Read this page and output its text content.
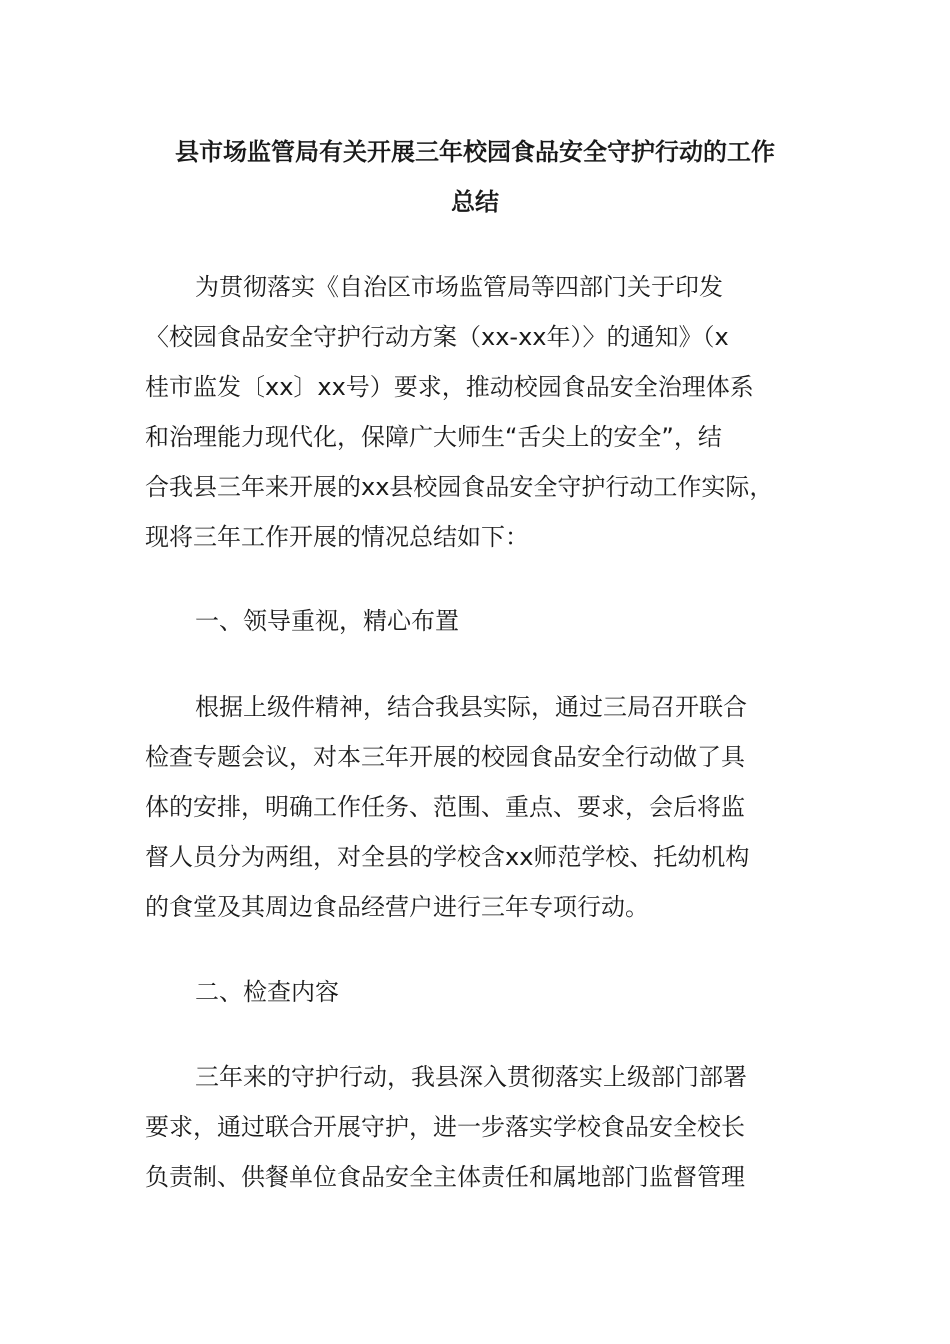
县市场监管局有关开展三年校园食品安全守护行动的工作
总结
为贯彻落实《自治区市场监管局等四部门关于印发
〈校园食品安全守护行动方案（xx-xx年）〉的通知》（x
桂市监发〔xx〕xx号）要求，推动校园食品安全治理体系
和治理能力现代化，保障广大师生“舌尖上的安全”，结
合我县三年来开展的xx县校园食品安全守护行动工作实际，
现将三年工作开展的情况总结如下：
一、领导重视，精心布置
根据上级件精神，结合我县实际，通过三局召开联合
检查专题会议，对本三年开展的校园食品安全行动做了具
体的安排，明确工作任务、范围、重点、要求，会后将监
督人员分为两组，对全县的学校含xx师范学校、托幼机构
的食堂及其周边食品经营户进行三年专项行动。
二、检查内容
三年来的守护行动，我县深入贯彻落实上级部门部署
要求，通过联合开展守护，进一步落实学校食品安全校长
负责制、供餐单位食品安全主体责任和属地部门监督管理
